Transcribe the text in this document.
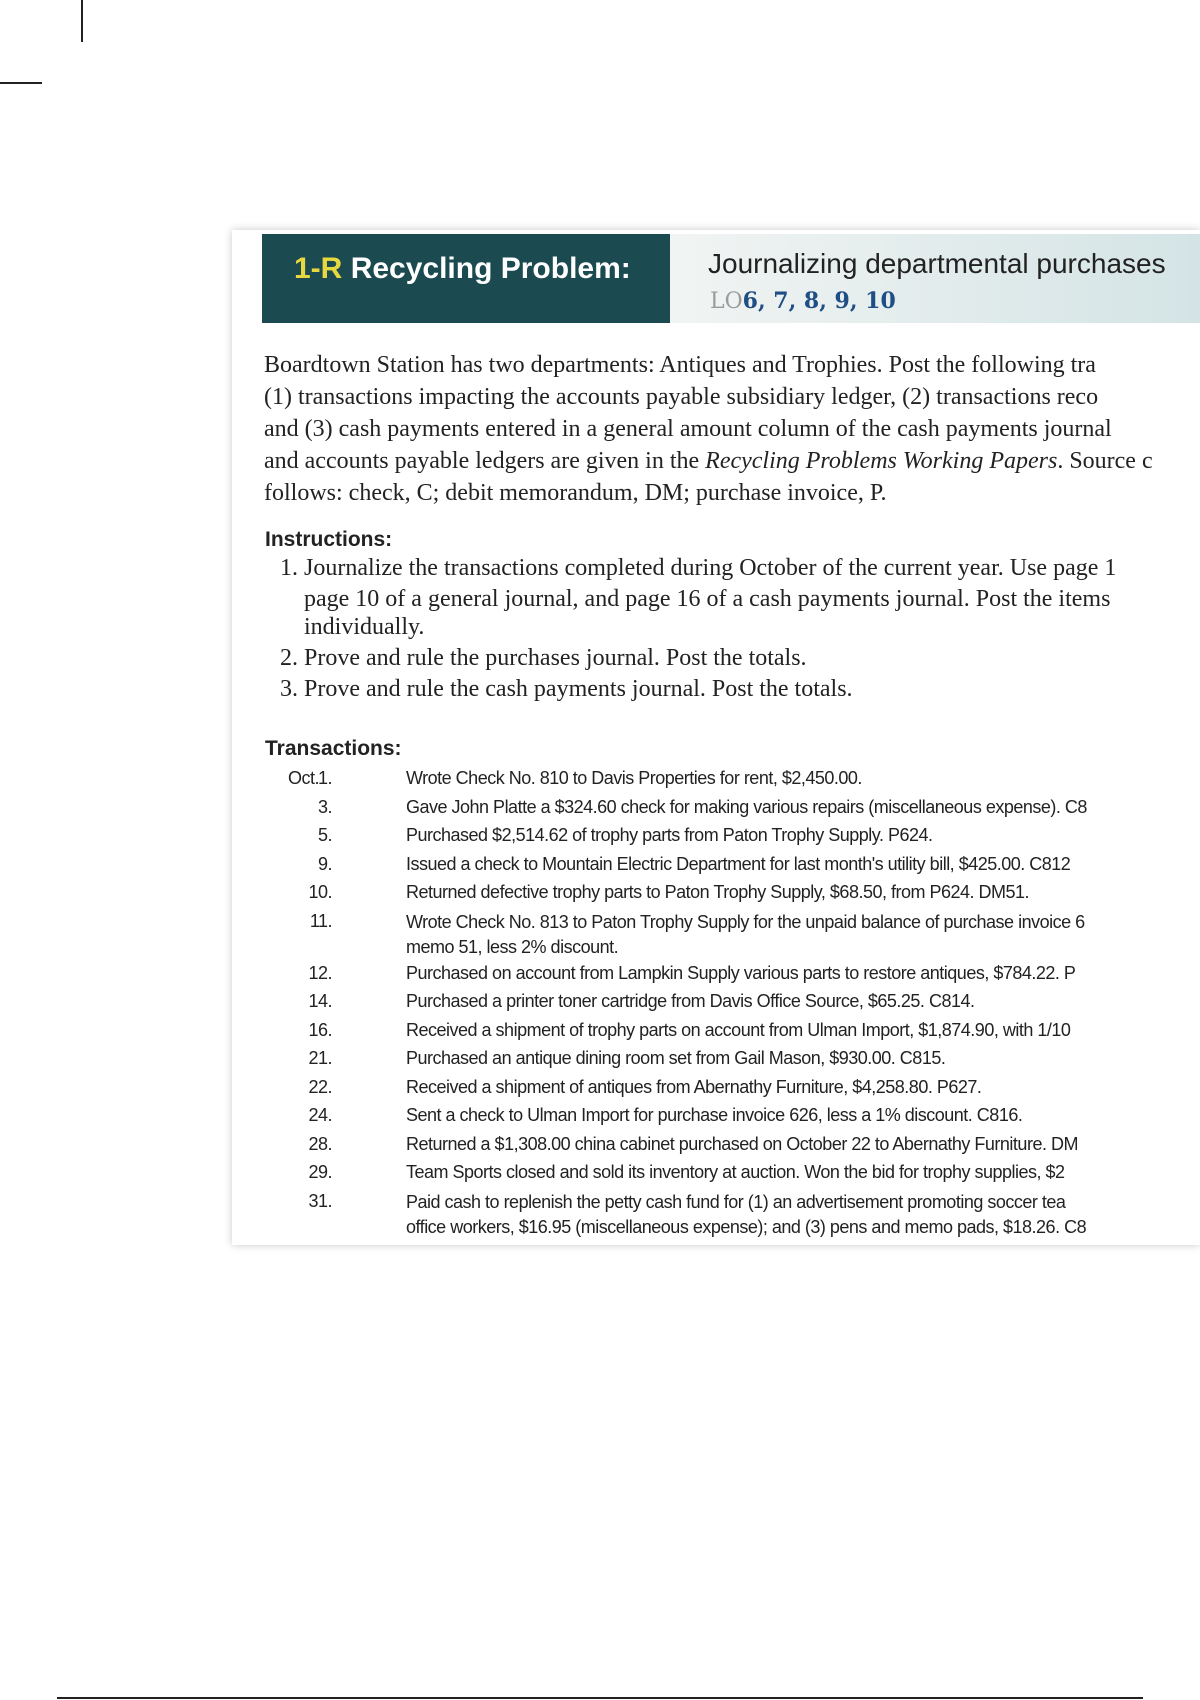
1-R Recycling Problem:	Journalizing departmental purchases
LO6, 7, 8, 9, 10
Boardtown Station has two departments: Antiques and Trophies. Post the following tra
(1) transactions impacting the accounts payable subsidiary ledger, (2) transactions reco
and (3) cash payments entered in a general amount column of the cash payments journal
and accounts payable ledgers are given in the Recycling Problems Working Papers. Source c
follows: check, C; debit memorandum, DM; purchase invoice, P.
Instructions:
1. Journalize the transactions completed during October of the current year. Use page 1
page 10 of a general journal, and page 16 of a cash payments journal. Post the items
individually.
2. Prove and rule the purchases journal. Post the totals.
3. Prove and rule the cash payments journal. Post the totals.
Transactions:
Oct.
1.	Wrote Check No. 810 to Davis Properties for rent, $2,450.00.
3.	Gave John Platte a $324.60 check for making various repairs (miscellaneous expense). C8
5.	Purchased $2,514.62 of trophy parts from Paton Trophy Supply. P624.
9.	Issued a check to Mountain Electric Department for last month's utility bill, $425.00. C812
10.	Returned defective trophy parts to Paton Trophy Supply, $68.50, from P624. DM51.
11.	Wrote Check No. 813 to Paton Trophy Supply for the unpaid balance of purchase invoice 6
memo 51, less 2% discount.
12.	Purchased on account from Lampkin Supply various parts to restore antiques, $784.22. P
14.	Purchased a printer toner cartridge from Davis Office Source, $65.25. C814.
16.	Received a shipment of trophy parts on account from Ulman Import, $1,874.90, with 1/10
21.	Purchased an antique dining room set from Gail Mason, $930.00. C815.
22.	Received a shipment of antiques from Abernathy Furniture, $4,258.80. P627.
24.	Sent a check to Ulman Import for purchase invoice 626, less a 1% discount. C816.
28.	Returned a $1,308.00 china cabinet purchased on October 22 to Abernathy Furniture. DM
29.	Team Sports closed and sold its inventory at auction. Won the bid for trophy supplies, $2
31.	Paid cash to replenish the petty cash fund for (1) an advertisement promoting soccer tea
office workers, $16.95 (miscellaneous expense); and (3) pens and memo pads, $18.26. C8
